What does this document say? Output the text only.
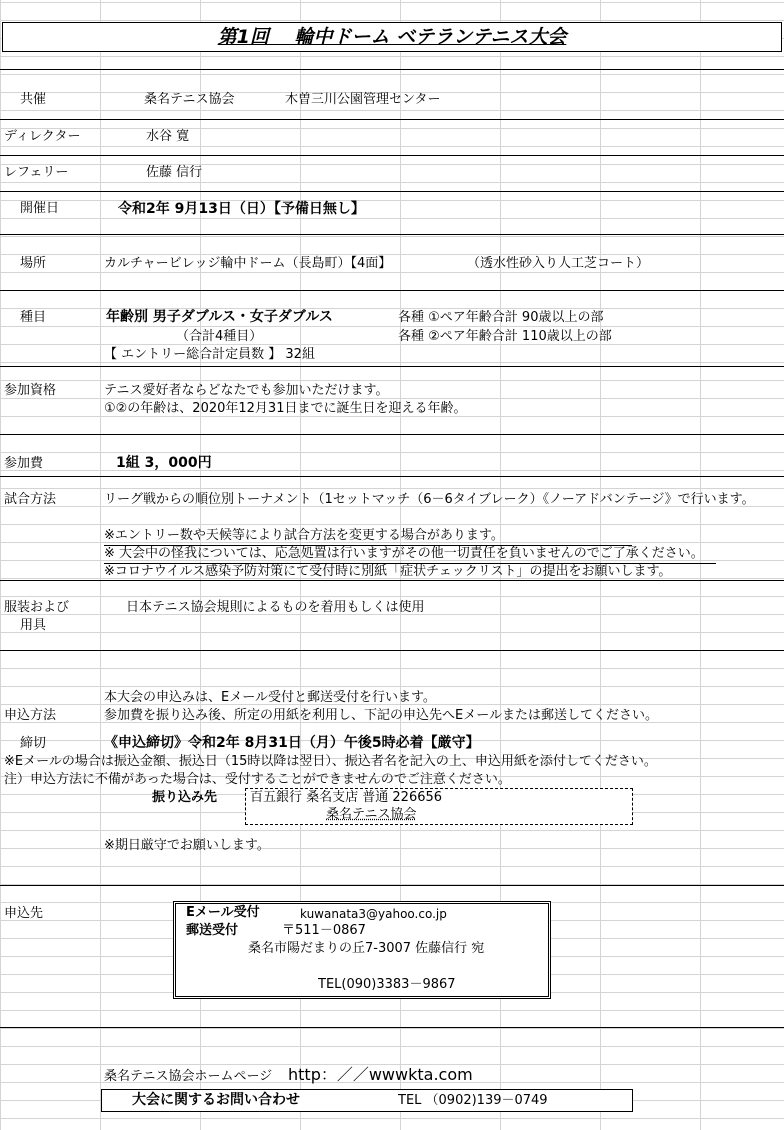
第1回　 輪中ドーム ベテランテニス大会
共催	桑名テニス協会	木曽三川公園管理センター
ディレクター	水谷 寛
レフェリー	佐藤 信行
開催日	令和2年 9月13日（日）【予備日無し】
場所	カルチャービレッジ輪中ドーム（長島町）【4面】	（透水性砂入り人工芝コート）
種目	年齢別 男子ダブルス・女子ダブルス	各種 ①ペア年齢合計 90歳以上の部
（合計4種目）	各種 ②ペア年齢合計 110歳以上の部
【 エントリー総合計定員数 】 32組
参加資格	テニス愛好者ならどなたでも参加いただけます。
①②の年齢は、2020年12月31日までに誕生日を迎える年齢。
参加費	1組 3，000円
試合方法	リーグ戦からの順位別トーナメント（1セットマッチ（6－6タイブレーク）《ノーアドバンテージ》で行います。
※エントリー数や天候等により試合方法を変更する場合があります。
※ 大会中の怪我については、応急処置は行いますがその他一切責任を負いませんのでご了承ください。
※コロナウイルス感染予防対策にて受付時に別紙「症状チェックリスト」の提出をお願いします。
服装および	日本テニス協会規則によるものを着用もしくは使用
用具
本大会の申込みは、Eメール受付と郵送受付を行います。
申込方法	参加費を振り込み後、所定の用紙を利用し、下記の申込先へEメールまたは郵送してください。
締切	《申込締切》令和2年 8月31日（月）午後5時必着【厳守】
※Eメールの場合は振込金額、振込日（15時以降は翌日）、振込者名を記入の上、申込用紙を添付してください。
注）申込方法に不備があった場合は、受付することができませんのでご注意ください。
振り込み先	百五銀行 桑名支店 普通 226656
桑名テニス協会
※期日厳守でお願いします。
申込先	Eメール受付	kuwanata3@yahoo.co.jp
郵送受付	〒511－0867
桑名市陽だまりの丘7-3007 佐藤信行 宛
TEL(090)3383－9867
桑名テニス協会ホームページ http：／／wwwkta.com
大会に関するお問い合わせ	TEL （0902)139－0749
